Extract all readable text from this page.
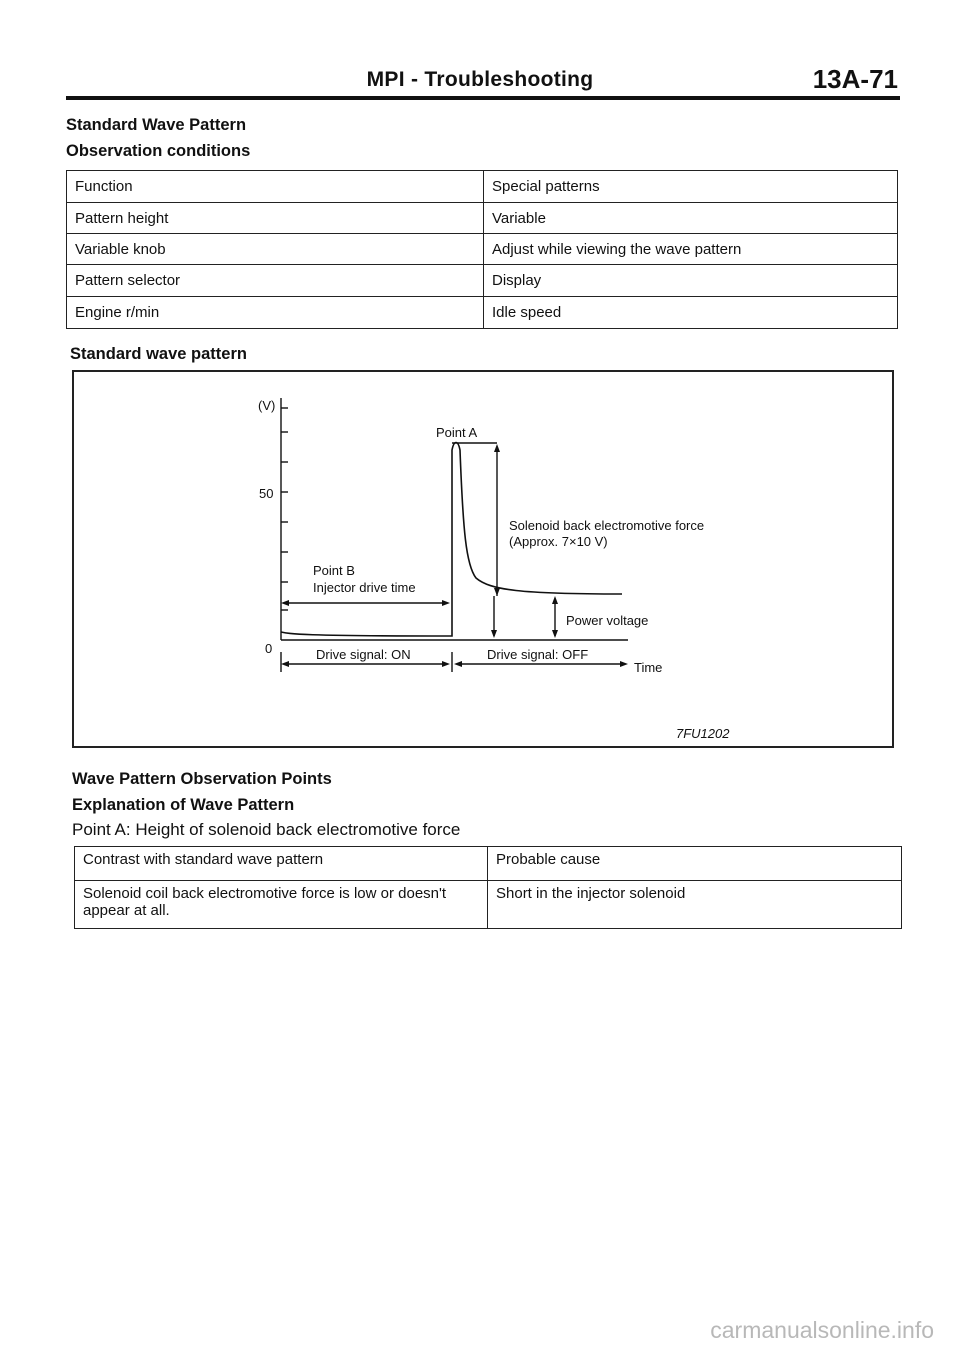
MPI - Troubleshooting	13A-71
Standard Wave Pattern
Observation conditions
Function	Special patterns
Pattern height	Variable
Variable knob	Adjust while viewing the wave pattern
Pattern selector	Display
Engine r/min	Idle speed
Standard wave pattern
(V)
50
0
Point A
Solenoid back electromotive force
(Approx. 7×10 V)
Point B
Injector drive time
Power voltage
Drive signal: ON	Drive signal: OFF
Time
7FU1202
Wave Pattern Observation Points
Explanation of Wave Pattern
Point A: Height of solenoid back electromotive force
Contrast with standard wave pattern	Probable cause
Solenoid coil back electromotive force is low or doesn't appear at all.	Short in the injector solenoid
carmanualsonline.info
